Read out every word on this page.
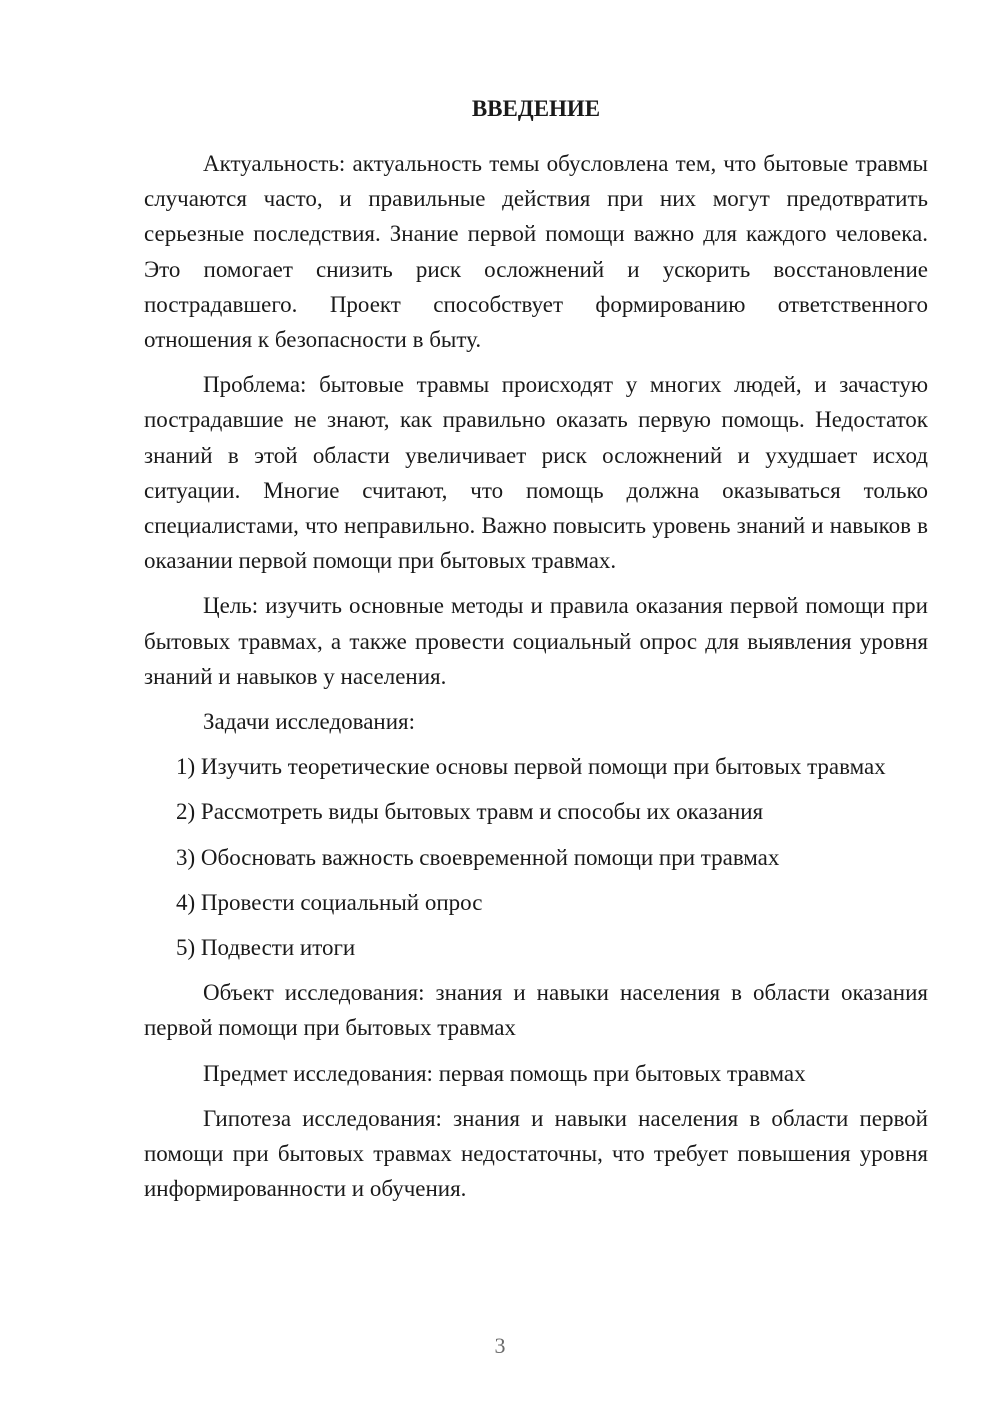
ВВЕДЕНИЕ

Актуальность: актуальность темы обусловлена тем, что бытовые травмы случаются часто, и правильные действия при них могут предотвратить серьезные последствия. Знание первой помощи важно для каждого человека. Это помогает снизить риск осложнений и ускорить восстановление пострадавшего. Проект способствует формированию ответственного отношения к безопасности в быту.

Проблема: бытовые травмы происходят у многих людей, и зачастую пострадавшие не знают, как правильно оказать первую помощь. Недостаток знаний в этой области увеличивает риск осложнений и ухудшает исход ситуации. Многие считают, что помощь должна оказываться только специалистами, что неправильно. Важно повысить уровень знаний и навыков в оказании первой помощи при бытовых травмах.

Цель: изучить основные методы и правила оказания первой помощи при бытовых травмах, а также провести социальный опрос для выявления уровня знаний и навыков у населения.

Задачи исследования:

1) Изучить теоретические основы первой помощи при бытовых травмах

2) Рассмотреть виды бытовых травм и способы их оказания

3) Обосновать важность своевременной помощи при травмах

4) Провести социальный опрос

5) Подвести итоги

Объект исследования: знания и навыки населения в области оказания первой помощи при бытовых травмах

Предмет исследования: первая помощь при бытовых травмах

Гипотеза исследования: знания и навыки населения в области первой помощи при бытовых травмах недостаточны, что требует повышения уровня информированности и обучения.

3
